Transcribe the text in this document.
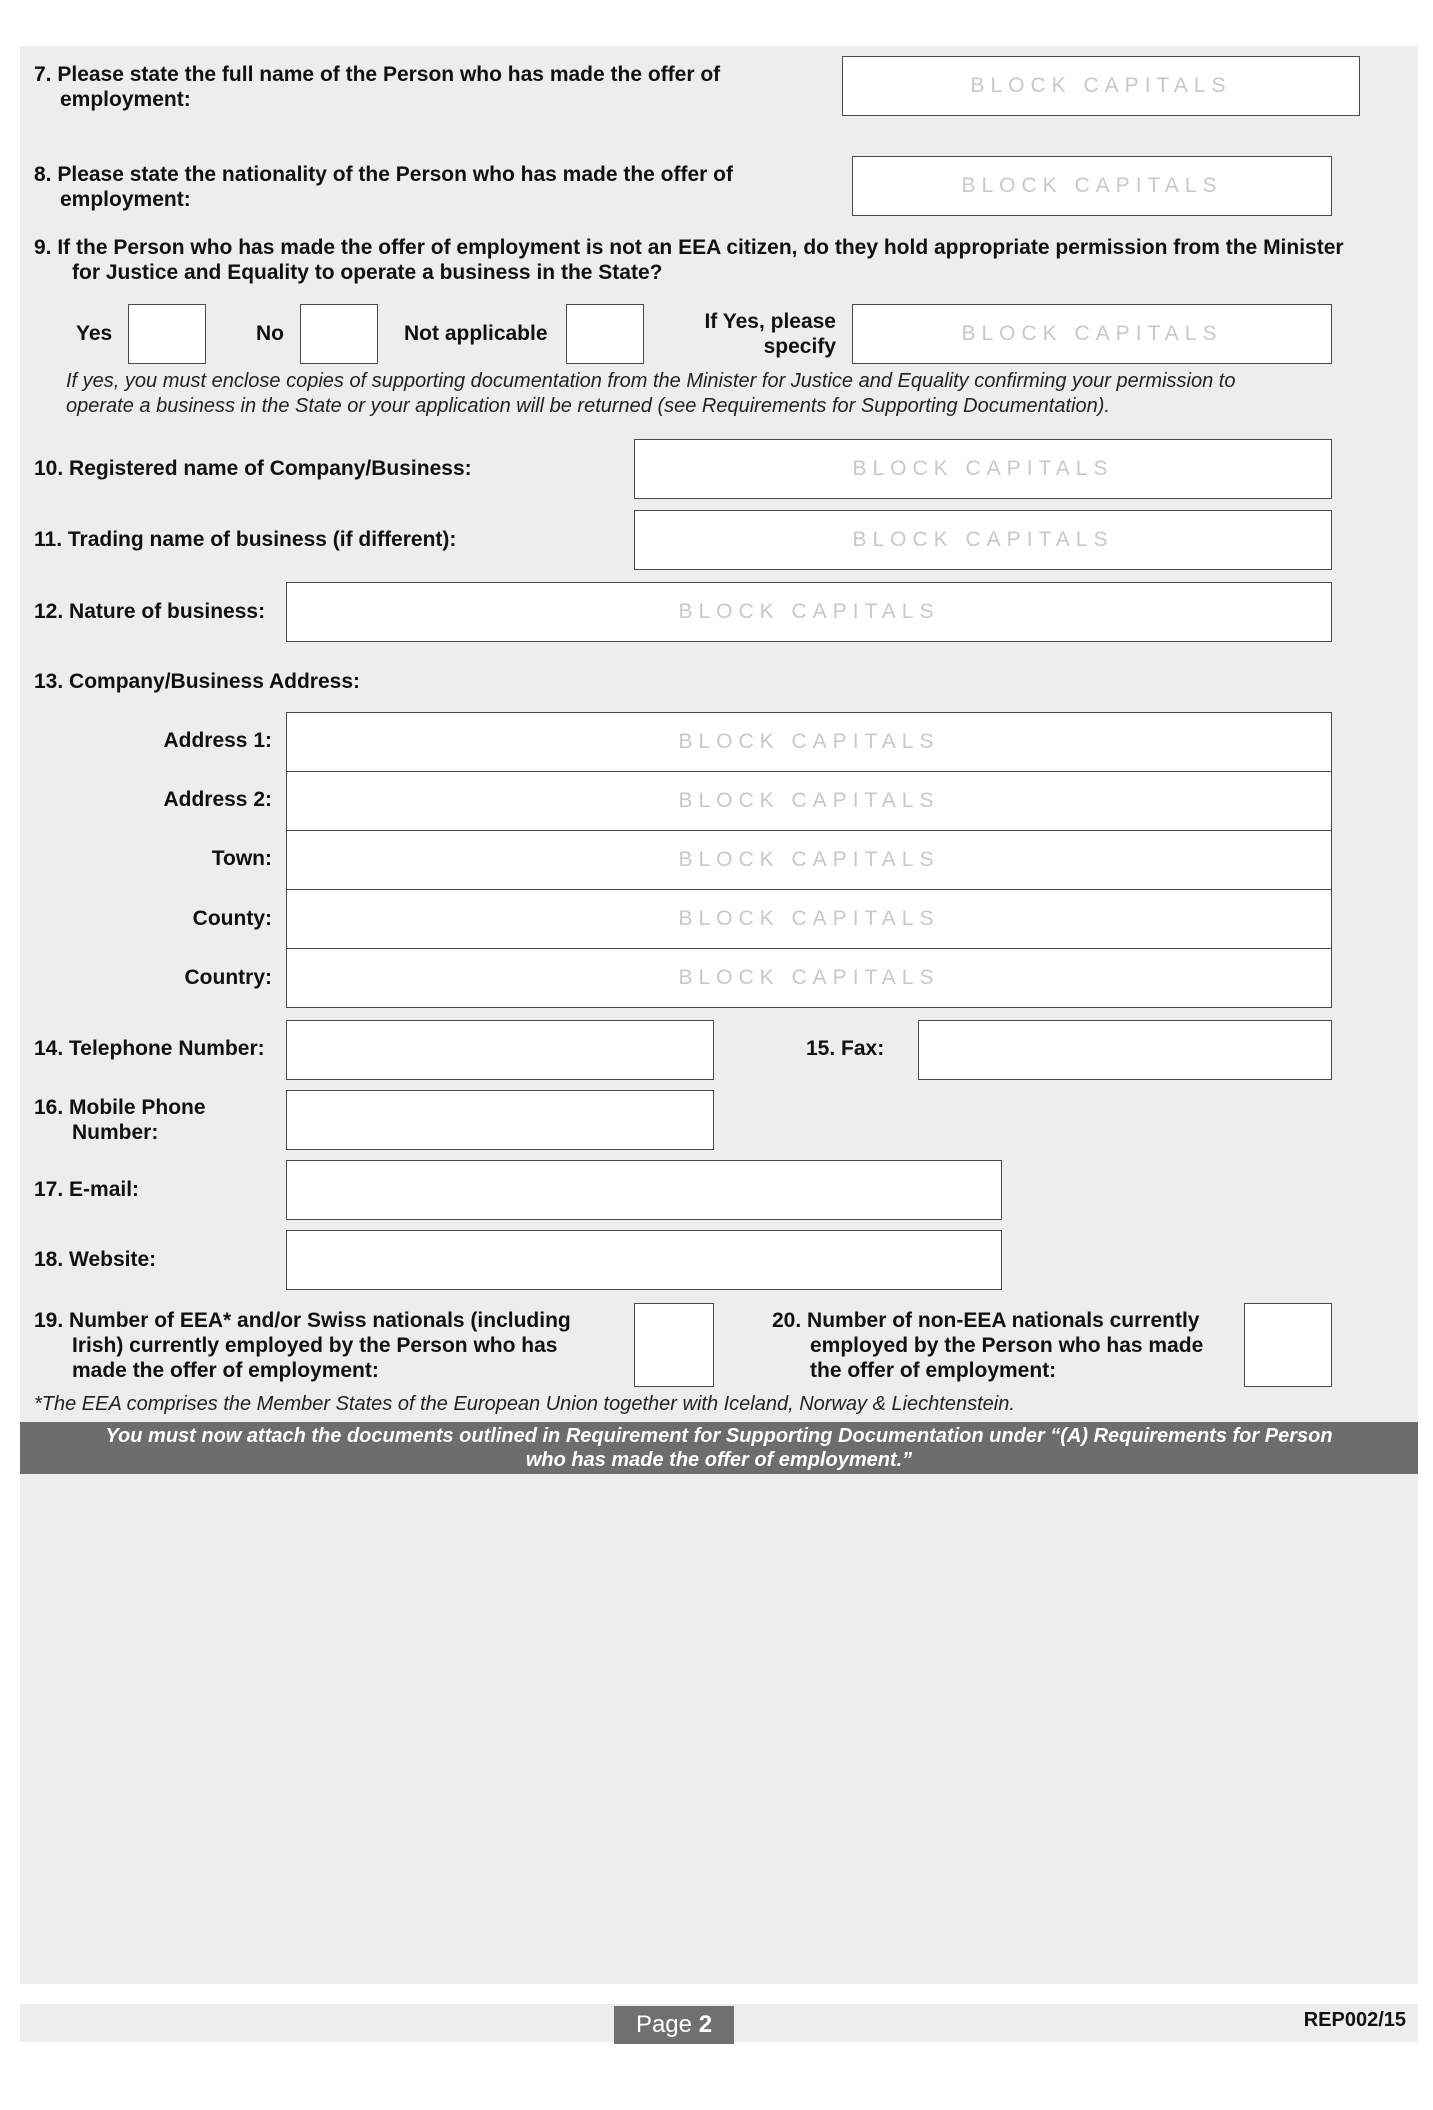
7. Please state the full name of the Person who has made the offer of
employment:
BLOCK CAPITALS
8. Please state the nationality of the Person who has made the offer of
employment:
BLOCK CAPITALS
9. If the Person who has made the offer of employment is not an EEA citizen, do they hold appropriate permission from the Minister
for Justice and Equality to operate a business in the State?
Yes	No	Not applicable
If Yes, please
specify
BLOCK CAPITALS
If yes, you must enclose copies of supporting documentation from the Minister for Justice and Equality confirming your permission to
operate a business in the State or your application will be returned (see Requirements for Supporting Documentation).
10. Registered name of Company/Business:	BLOCK CAPITALS
11. Trading name of business (if different):	BLOCK CAPITALS
12. Nature of business:	BLOCK CAPITALS
13. Company/Business Address:
Address 1:	BLOCK CAPITALS
Address 2:	BLOCK CAPITALS
Town:	BLOCK CAPITALS
County:	BLOCK CAPITALS
Country:	BLOCK CAPITALS
14. Telephone Number:	15. Fax:
16. Mobile Phone
Number:
17. E-mail:
18. Website:
19. Number of EEA* and/or Swiss nationals (including
Irish) currently employed by the Person who has
made the offer of employment:
20. Number of non-EEA nationals currently
employed by the Person who has made
the offer of employment:
*The EEA comprises the Member States of the European Union together with Iceland, Norway & Liechtenstein.
You must now attach the documents outlined in Requirement for Supporting Documentation under “(A) Requirements for Person
who has made the offer of employment.”
Page
2	REP002/15
